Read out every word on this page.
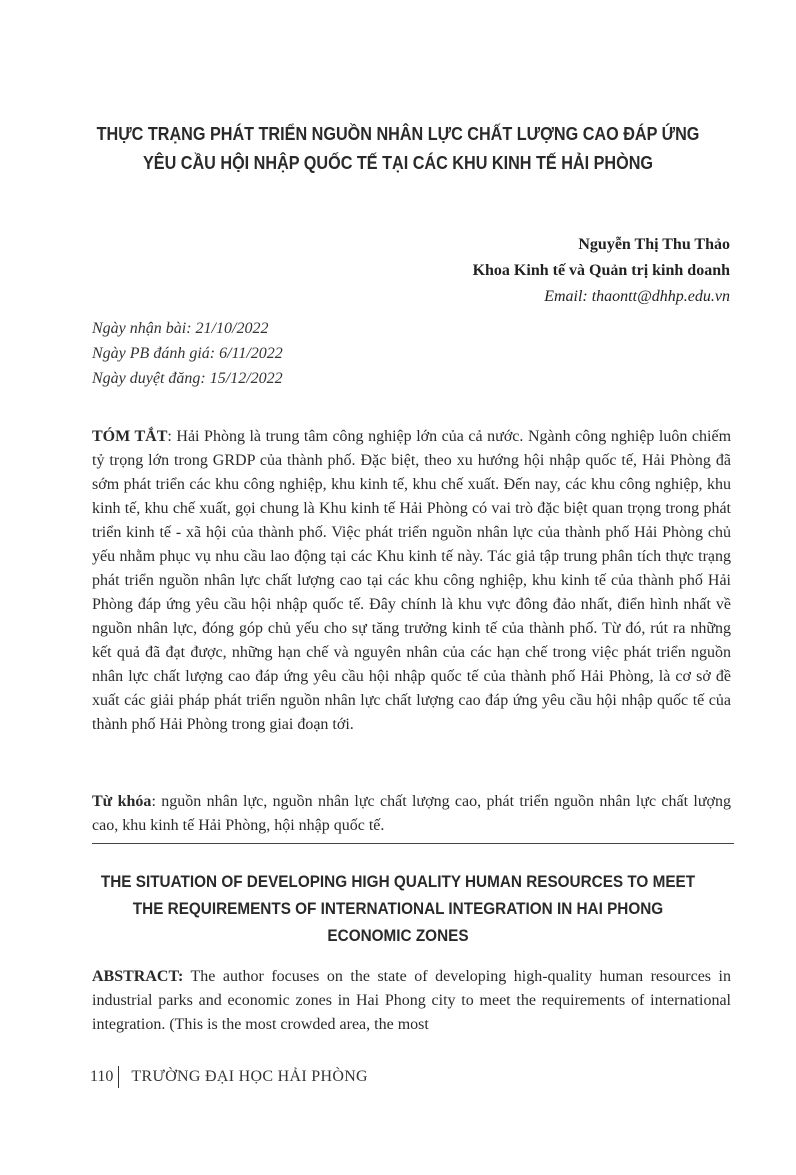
THỰC TRẠNG PHÁT TRIỂN NGUỒN NHÂN LỰC CHẤT LƯỢNG CAO ĐÁP ỨNG YÊU CẦU HỘI NHẬP QUỐC TẾ TẠI CÁC KHU KINH TẾ HẢI PHÒNG
Nguyễn Thị Thu Thảo
Khoa Kinh tế và Quản trị kinh doanh
Email: thaontt@dhhp.edu.vn
Ngày nhận bài: 21/10/2022
Ngày PB đánh giá: 6/11/2022
Ngày duyệt đăng: 15/12/2022
TÓM TẮT: Hải Phòng là trung tâm công nghiệp lớn của cả nước. Ngành công nghiệp luôn chiếm tỷ trọng lớn trong GRDP của thành phố. Đặc biệt, theo xu hướng hội nhập quốc tế, Hải Phòng đã sớm phát triển các khu công nghiệp, khu kinh tế, khu chế xuất. Đến nay, các khu công nghiệp, khu kinh tế, khu chế xuất, gọi chung là Khu kinh tế Hải Phòng có vai trò đặc biệt quan trọng trong phát triển kinh tế - xã hội của thành phố. Việc phát triển nguồn nhân lực của thành phố Hải Phòng chủ yếu nhằm phục vụ nhu cầu lao động tại các Khu kinh tế này. Tác giả tập trung phân tích thực trạng phát triển nguồn nhân lực chất lượng cao tại các khu công nghiệp, khu kinh tế của thành phố Hải Phòng đáp ứng yêu cầu hội nhập quốc tế. Đây chính là khu vực đông đảo nhất, điển hình nhất về nguồn nhân lực, đóng góp chủ yếu cho sự tăng trưởng kinh tế của thành phố. Từ đó, rút ra những kết quả đã đạt được, những hạn chế và nguyên nhân của các hạn chế trong việc phát triển nguồn nhân lực chất lượng cao đáp ứng yêu cầu hội nhập quốc tế của thành phố Hải Phòng, là cơ sở đề xuất các giải pháp phát triển nguồn nhân lực chất lượng cao đáp ứng yêu cầu hội nhập quốc tế của thành phố Hải Phòng trong giai đoạn tới.
Từ khóa: nguồn nhân lực, nguồn nhân lực chất lượng cao, phát triển nguồn nhân lực chất lượng cao, khu kinh tế Hải Phòng, hội nhập quốc tế.
THE SITUATION OF DEVELOPING HIGH QUALITY HUMAN RESOURCES TO MEET THE REQUIREMENTS OF INTERNATIONAL INTEGRATION IN HAI PHONG ECONOMIC ZONES
ABSTRACT: The author focuses on the state of developing high-quality human resources in industrial parks and economic zones in Hai Phong city to meet the requirements of international integration. (This is the most crowded area, the most
110	TRƯỜNG ĐẠI HỌC HẢI PHÒNG
